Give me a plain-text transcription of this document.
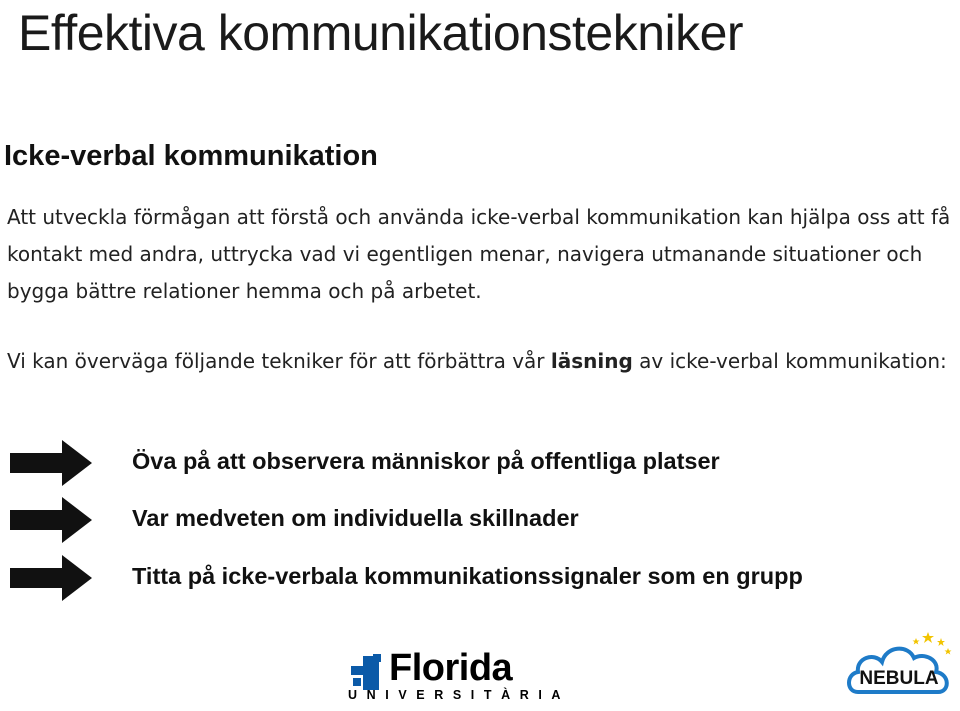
Effektiva kommunikationstekniker
Icke-verbal kommunikation
Att utveckla förmågan att förstå och använda icke-verbal kommunikation kan hjälpa oss att få kontakt med andra, uttrycka vad vi egentligen menar, navigera utmanande situationer och bygga bättre relationer hemma och på arbetet.
Vi kan överväga följande tekniker för att förbättra vår läsning av icke-verbal kommunikation:
Öva på att observera människor på offentliga platser
Var medveten om individuella skillnader
Titta på icke-verbala kommunikationssignaler som en grupp
Florida
UNIVERSITÀRIA
NEBULA
